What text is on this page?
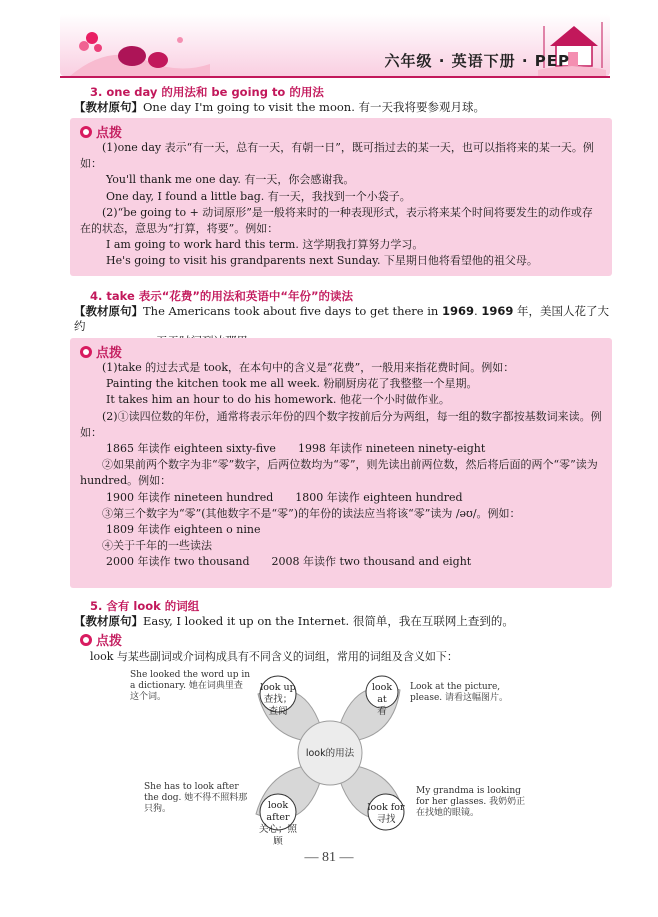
六年级 · 英语下册 · PEP
3. one day 的用法和 be going to 的用法
【教材原句】One day I'm going to visit the moon. 有一天我将要参观月球。
点拨

(1)one day 表示“有一天，总有一天，有朝一日”，既可指过去的某一天，也可以指将来的某一天。例如：

You'll thank me one day. 有一天，你会感谢我。

One day, I found a little bag. 有一天，我找到一个小袋子。

(2)“be going to + 动词原形”是一般将来时的一种表现形式，表示将来某个时间将要发生的动作或存在的状态，意思为“打算，将要”。例如：

I am going to work hard this term. 这学期我打算努力学习。

He's going to visit his grandparents next Sunday. 下星期日他将看望他的祖父母。

4. take 表示“花费”的用法和英语中“年份”的读法
【教材原句】The Americans took about five days to get there in 1969. 1969 年，美国人花了大约

点拨

(1)take 的过去式是 took，在本句中的含义是“花费”，一般用来指花费时间。例如：

Painting the kitchen took me all week. 粉刷厨房花了我整整一个星期。

It takes him an hour to do his homework. 他花一个小时做作业。

(2)①读四位数的年份，通常将表示年份的四个数字按前后分为两组，每一组的数字都按基数词来读。例如：

1865 年读作 eighteen sixty-five　　1998 年读作 nineteen ninety-eight

②如果前两个数字为非“零”数字，后两位数均为“零”，则先读出前两位数，然后将后面的两个“零”读为 hundred。例如：

1900 年读作 nineteen hundred　　1800 年读作 eighteen hundred

③第三个数字为“零”(其他数字不是“零”)的年份的读法应当将该“零”读为 /əʊ/。例如：

1809 年读作 eighteen o nine

④关于千年的一些读法

2000 年读作 two thousand　　2008 年读作 two thousand and eight

5. 含有 look 的词组
【教材原句】Easy, I looked it up on the Internet. 很简单，我在互联网上查到的。
点拨
look 与某些副词或介词构成具有不同含义的词组，常用的词组及含义如下：
She looked the word up in a dictionary. 她在词典里查这个词。
look up
查找；查阅
Look at the picture, please. 请看这幅图片。
look at
看
look的用法
She has to look after the dog. 她不得不照料那只狗。	look after
关心；照顾
My grandma is looking for her glasses. 我奶奶正在找她的眼镜。
look for
寻找
— 81 —
